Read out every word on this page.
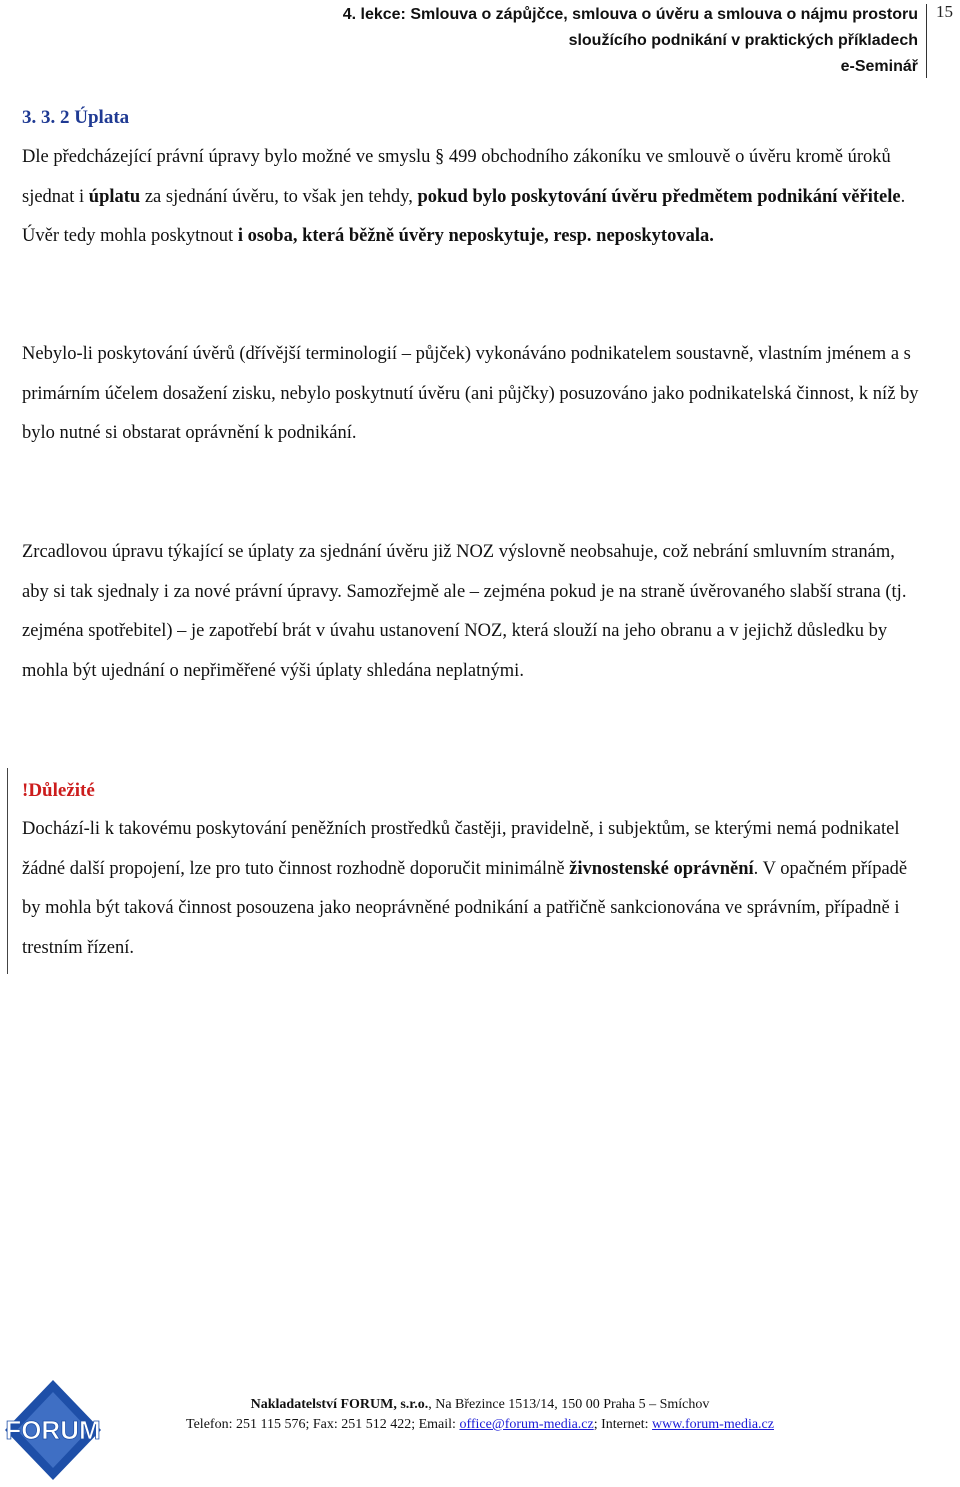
4. lekce: Smlouva o zápůjčce, smlouva o úvěru a smlouva o nájmu prostoru
sloužícího podnikání v praktických příkladech
e-Seminář
15
3. 3. 2 Úplata
Dle předcházející právní úpravy bylo možné ve smyslu § 499 obchodního zákoníku ve smlouvě o úvěru kromě úroků sjednat i úplatu za sjednání úvěru, to však jen tehdy, pokud bylo poskytování úvěru předmětem podnikání věřitele. Úvěr tedy mohla poskytnout i osoba, která běžně úvěry neposkytuje, resp. neposkytovala.
Nebylo-li poskytování úvěrů (dřívější terminologií – půjček) vykonáváno podnikatelem soustavně, vlastním jménem a s primárním účelem dosažení zisku, nebylo poskytnutí úvěru (ani půjčky) posuzováno jako podnikatelská činnost, k níž by bylo nutné si obstarat oprávnění k podnikání.
Zrcadlovou úpravu týkající se úplaty za sjednání úvěru již NOZ výslovně neobsahuje, což nebrání smluvním stranám, aby si tak sjednaly i za nové právní úpravy. Samozřejmě ale – zejména pokud je na straně úvěrovaného slabší strana (tj. zejména spotřebitel) – je zapotřebí brát v úvahu ustanovení NOZ, která slouží na jeho obranu a v jejichž důsledku by mohla být ujednání o nepřiměřené výši úplaty shledána neplatnými.
!Důležité
Dochází-li k takovému poskytování peněžních prostředků častěji, pravidelně, i subjektům, se kterými nemá podnikatel žádné další propojení, lze pro tuto činnost rozhodně doporučit minimálně živnostenské oprávnění. V opačném případě by mohla být taková činnost posouzena jako neoprávněné podnikání a patřičně sankcionována ve správním, případně i trestním řízení.
FORUM
Nakladatelství FORUM, s.r.o., Na Březince 1513/14, 150 00 Praha 5 – Smíchov
Telefon: 251 115 576; Fax: 251 512 422; Email: office@forum-media.cz; Internet: www.forum-media.cz
